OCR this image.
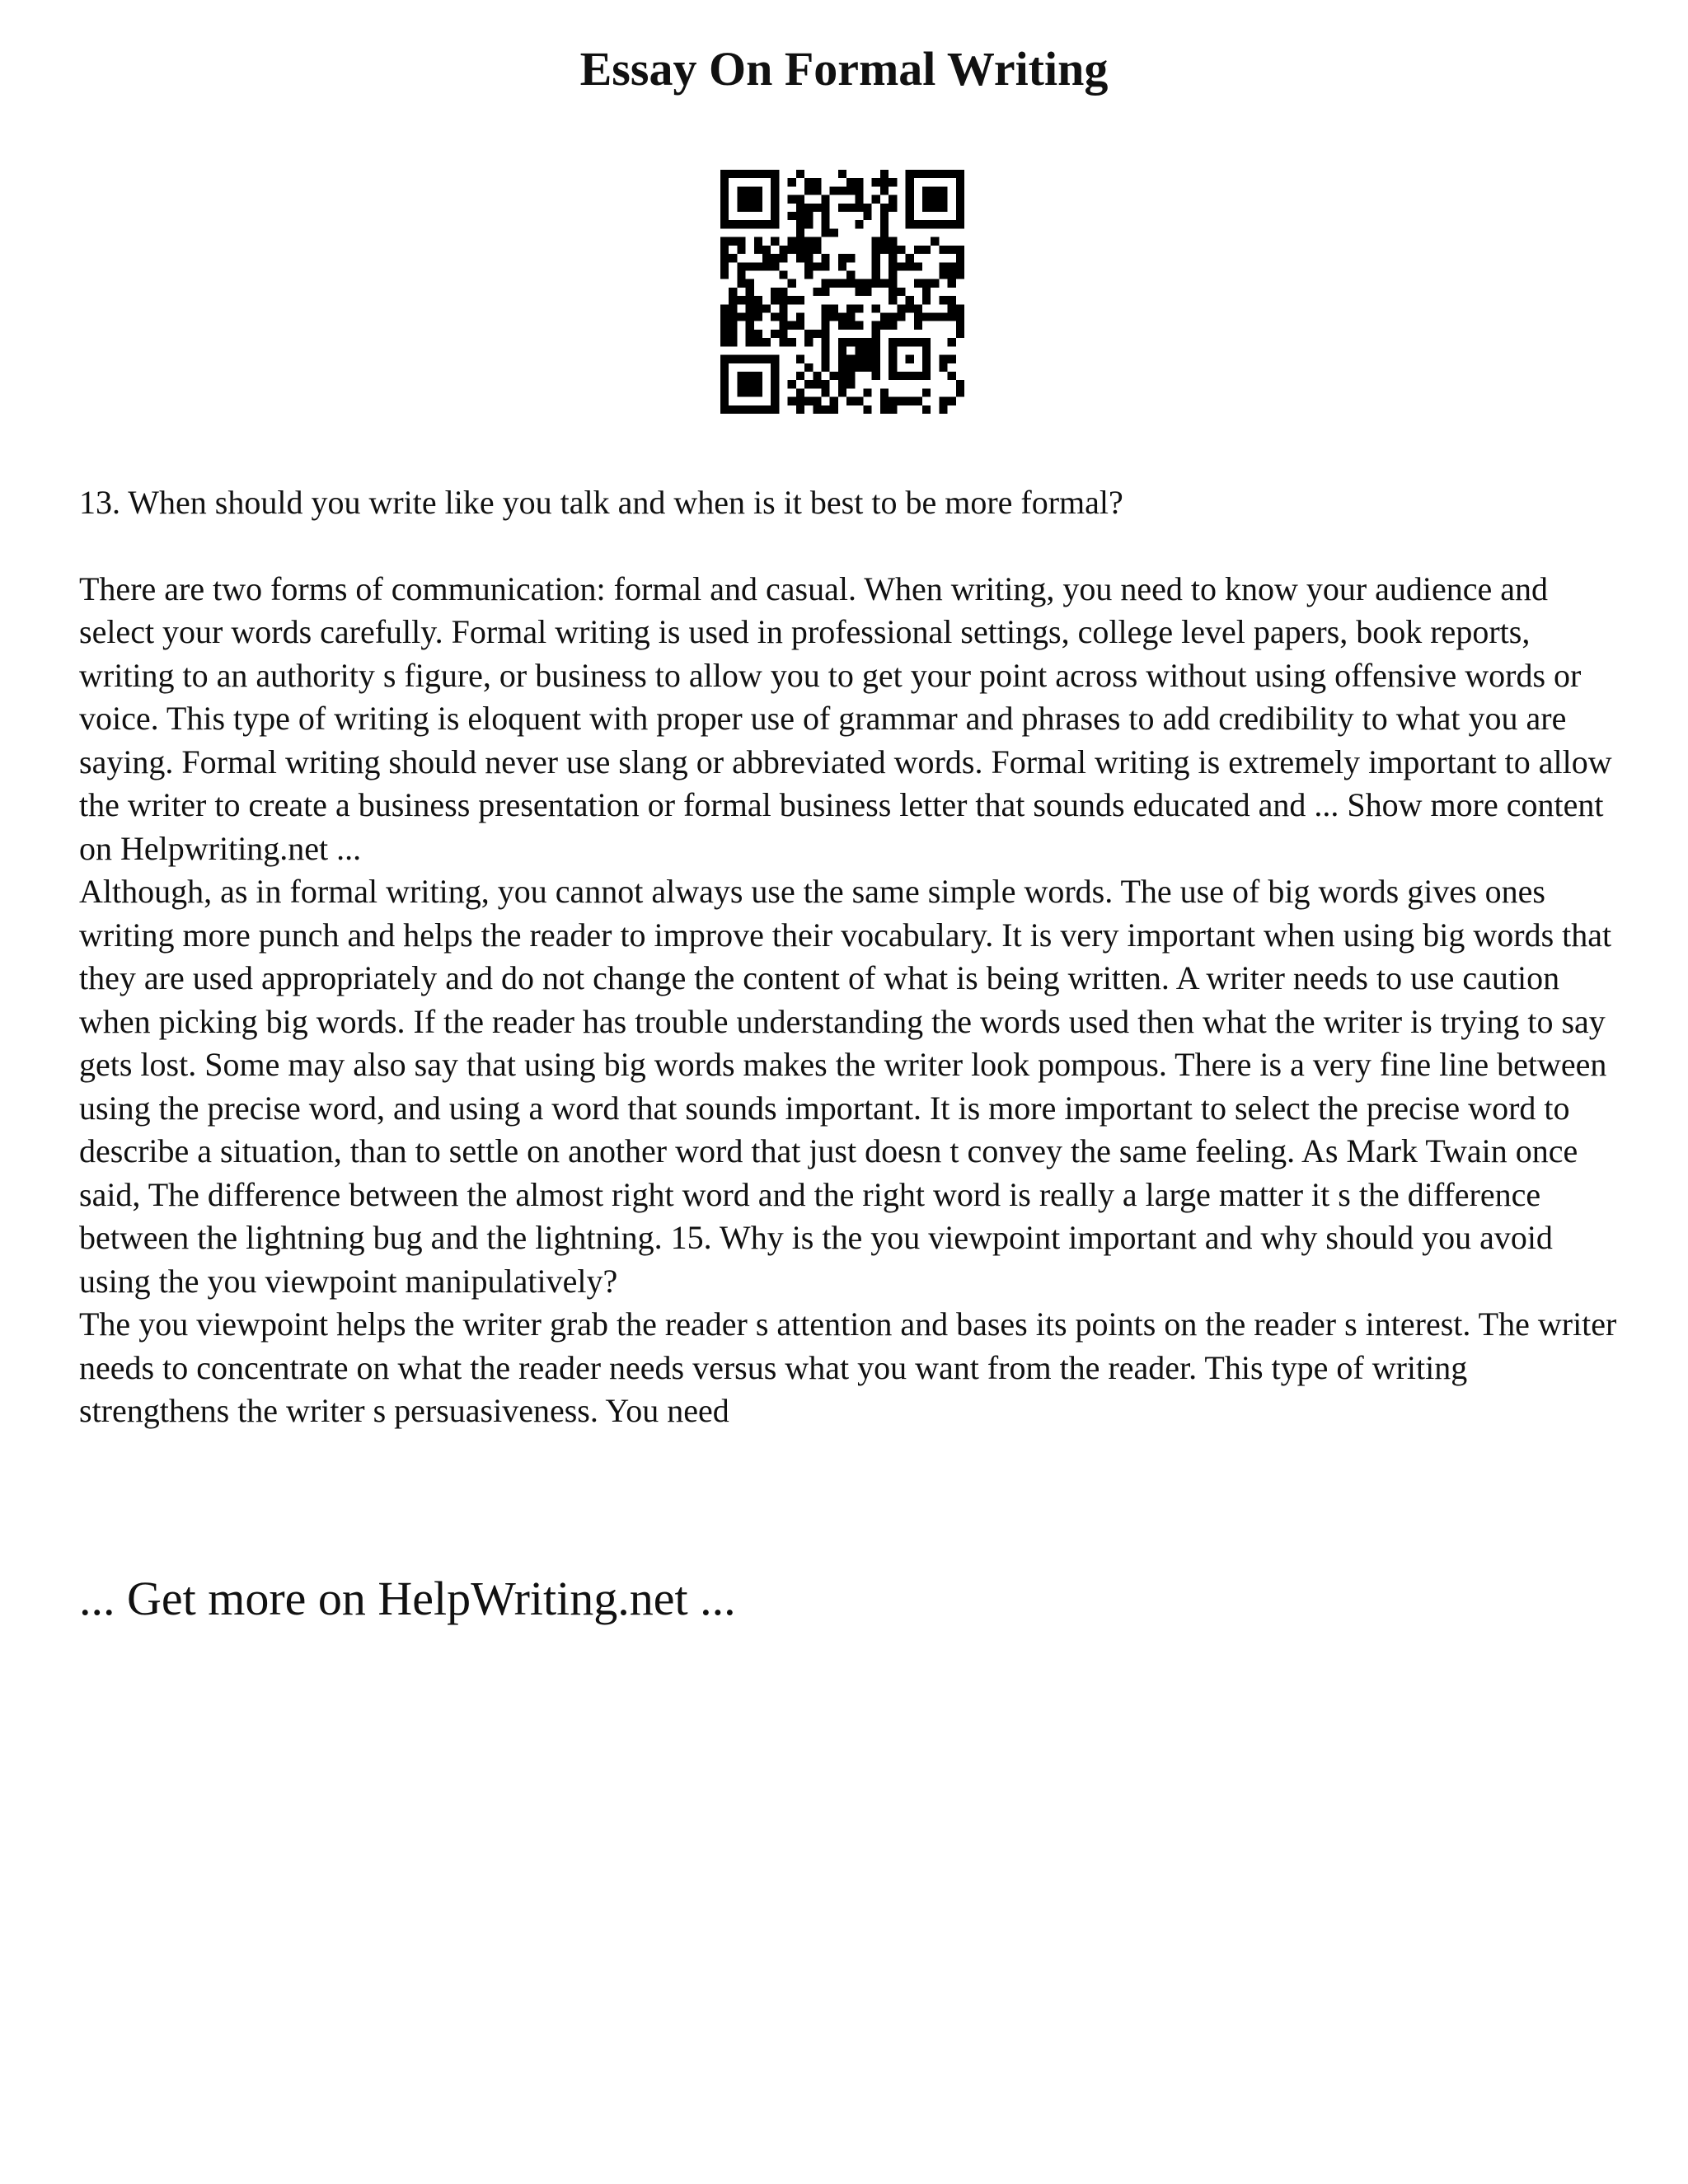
Essay On Formal Writing

13. When should you write like you talk and when is it best to be more formal?

There are two forms of communication: formal and casual. When writing, you need to know your audience and select your words carefully. Formal writing is used in professional settings, college level papers, book reports, writing to an authority s figure, or business to allow you to get your point across without using offensive words or voice. This type of writing is eloquent with proper use of grammar and phrases to add credibility to what you are saying. Formal writing should never use slang or abbreviated words. Formal writing is extremely important to allow the writer to create a business presentation or formal business letter that sounds educated and ... Show more content on Helpwriting.net ...

Although, as in formal writing, you cannot always use the same simple words. The use of big words gives ones writing more punch and helps the reader to improve their vocabulary. It is very important when using big words that they are used appropriately and do not change the content of what is being written. A writer needs to use caution when picking big words. If the reader has trouble understanding the words used then what the writer is trying to say gets lost. Some may also say that using big words makes the writer look pompous. There is a very fine line between using the precise word, and using a word that sounds important. It is more important to select the precise word to describe a situation, than to settle on another word that just doesn t convey the same feeling. As Mark Twain once said, The difference between the almost right word and the right word is really a large matter it s the difference between the lightning bug and the lightning. 15. Why is the you viewpoint important and why should you avoid using the you viewpoint manipulatively?

The you viewpoint helps the writer grab the reader s attention and bases its points on the reader s interest. The writer needs to concentrate on what the reader needs versus what you want from the reader. This type of writing strengthens the writer s persuasiveness. You need

... Get more on HelpWriting.net ...
